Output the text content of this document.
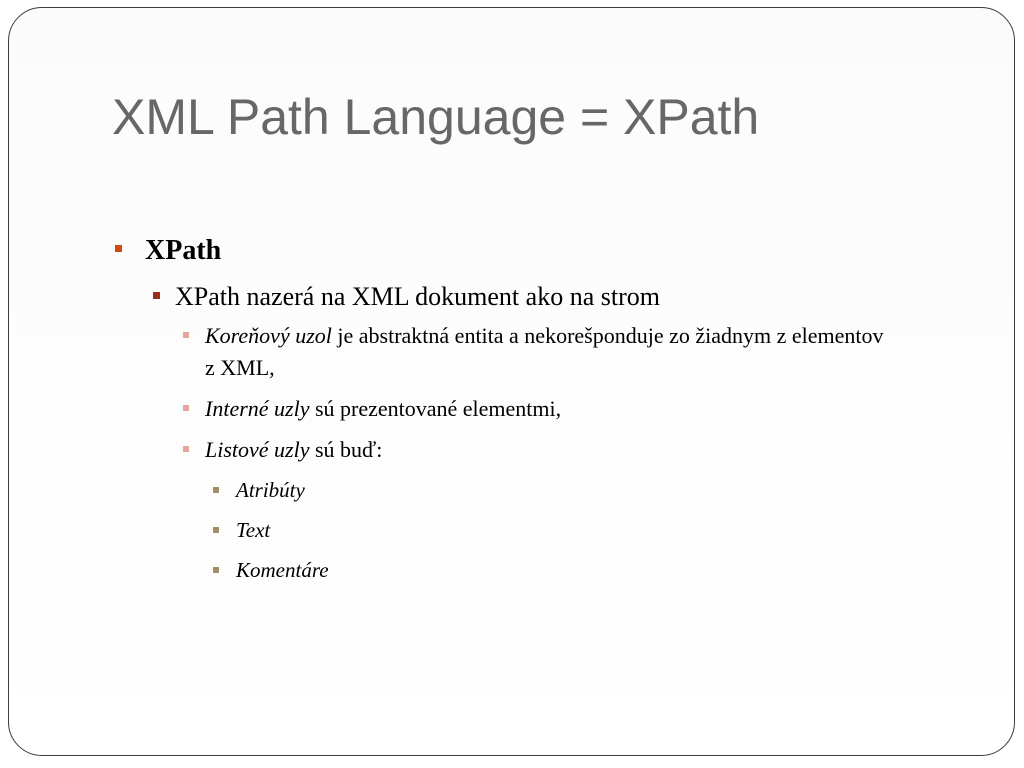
XML Path Language = XPath
XPath
XPath nazerá na XML dokument ako na strom
Koreňový uzol je abstraktná entita a nekorešponduje zo žiadnym z elementov z XML,
Interné uzly sú prezentované elementmi,
Listové uzly sú buď:
Atribúty
Text
Komentáre
